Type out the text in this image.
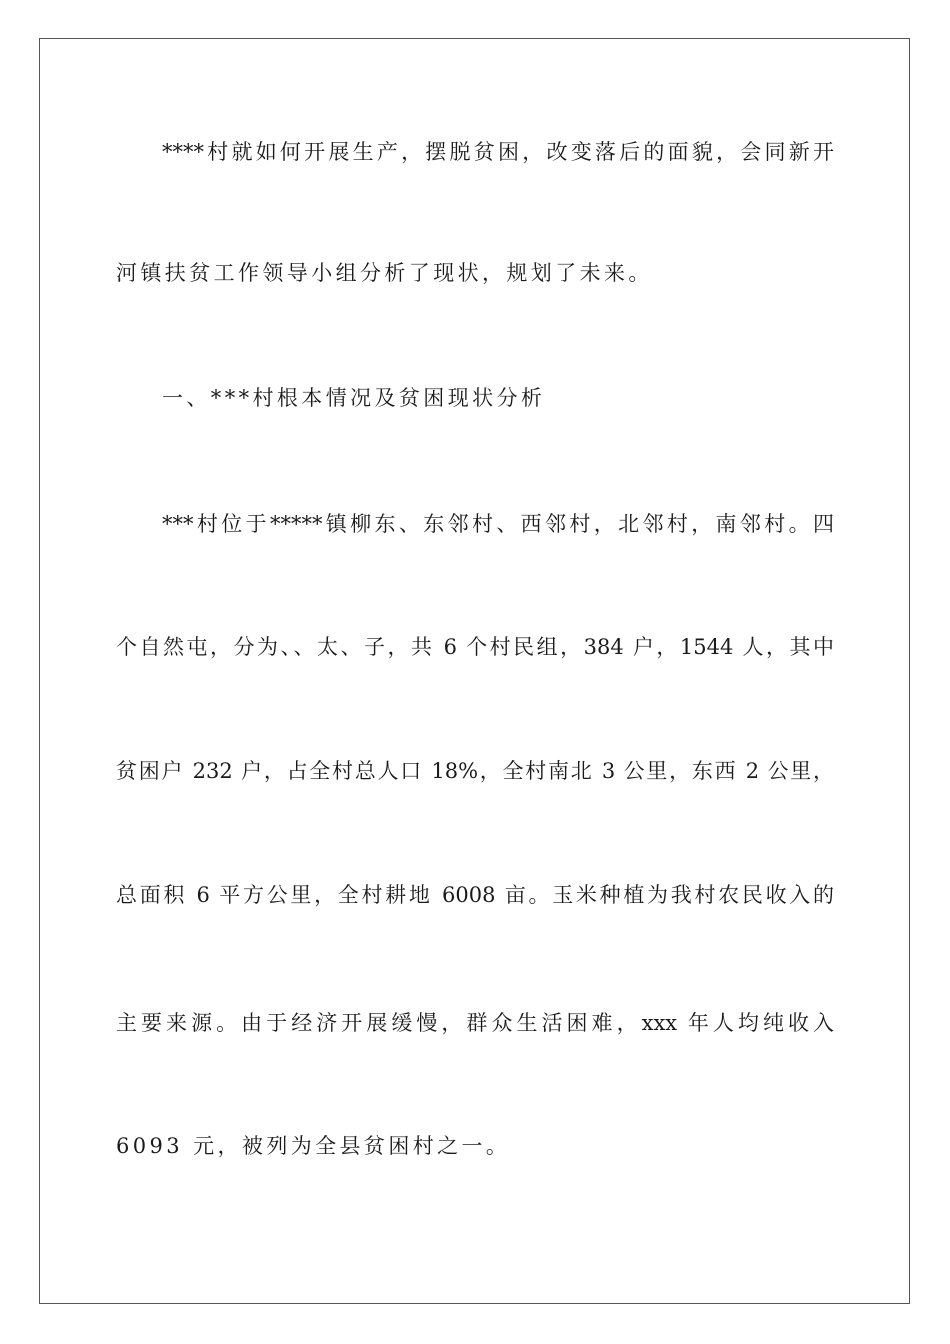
****村就如何开展生产，摆脱贫困，改变落后的面貌，会同新开

河镇扶贫工作领导小组分析了现状，规划了未来。

一、***村根本情况及贫困现状分析

***村位于*****镇柳东、东邻村、西邻村，北邻村，南邻村。四

个自然屯，分为、、太、子，共 6 个村民组，384 户，1544 人，其中

贫困户 232 户，占全村总人口 18%，全村南北 3 公里，东西 2 公里，

总面积 6 平方公里，全村耕地 6008 亩。玉米种植为我村农民收入的

主要来源。由于经济开展缓慢，群众生活困难，xxx 年人均纯收入

6093 元，被列为全县贫困村之一。
